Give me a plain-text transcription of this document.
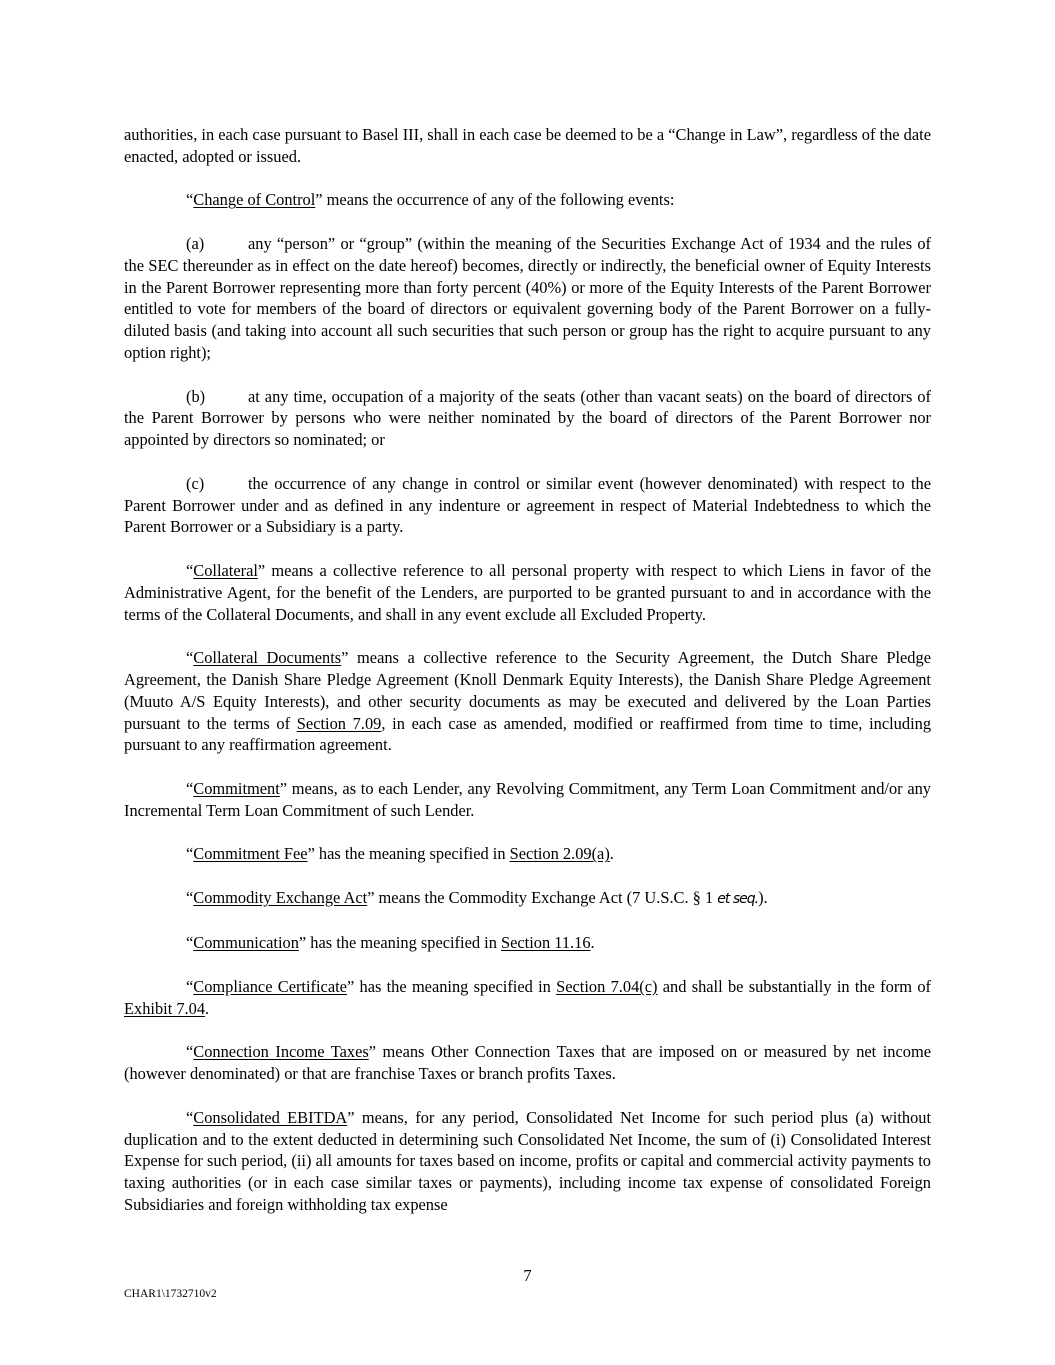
authorities, in each case pursuant to Basel III, shall in each case be deemed to be a “Change in Law”, regardless of the date enacted, adopted or issued.

“Change of Control” means the occurrence of any of the following events:

(a)	any “person” or “group” (within the meaning of the Securities Exchange Act of 1934 and the rules of the SEC thereunder as in effect on the date hereof) becomes, directly or indirectly, the beneficial owner of Equity Interests in the Parent Borrower representing more than forty percent (40%) or more of the Equity Interests of the Parent Borrower entitled to vote for members of the board of directors or equivalent governing body of the Parent Borrower on a fully-diluted basis (and taking into account all such securities that such person or group has the right to acquire pursuant to any option right);

(b)	at any time, occupation of a majority of the seats (other than vacant seats) on the board of directors of the Parent Borrower by persons who were neither nominated by the board of directors of the Parent Borrower nor appointed by directors so nominated; or

(c)	the occurrence of any change in control or similar event (however denominated) with respect to the Parent Borrower under and as defined in any indenture or agreement in respect of Material Indebtedness to which the Parent Borrower or a Subsidiary is a party.

“Collateral” means a collective reference to all personal property with respect to which Liens in favor of the Administrative Agent, for the benefit of the Lenders, are purported to be granted pursuant to and in accordance with the terms of the Collateral Documents, and shall in any event exclude all Excluded Property.

“Collateral Documents” means a collective reference to the Security Agreement, the Dutch Share Pledge Agreement, the Danish Share Pledge Agreement (Knoll Denmark Equity Interests), the Danish Share Pledge Agreement (Muuto A/S Equity Interests), and other security documents as may be executed and delivered by the Loan Parties pursuant to the terms of Section 7.09, in each case as amended, modified or reaffirmed from time to time, including pursuant to any reaffirmation agreement.

“Commitment” means, as to each Lender, any Revolving Commitment, any Term Loan Commitment and/or any Incremental Term Loan Commitment of such Lender.

“Commitment Fee” has the meaning specified in Section 2.09(a).

“Commodity Exchange Act” means the Commodity Exchange Act (7 U.S.C. § 1 et seq.).

“Communication” has the meaning specified in Section 11.16.

“Compliance Certificate” has the meaning specified in Section 7.04(c) and shall be substantially in the form of Exhibit 7.04.

“Connection Income Taxes” means Other Connection Taxes that are imposed on or measured by net income (however denominated) or that are franchise Taxes or branch profits Taxes.

“Consolidated EBITDA” means, for any period, Consolidated Net Income for such period plus (a) without duplication and to the extent deducted in determining such Consolidated Net Income, the sum of (i) Consolidated Interest Expense for such period, (ii) all amounts for taxes based on income, profits or capital and commercial activity payments to taxing authorities (or in each case similar taxes or payments), including income tax expense of consolidated Foreign Subsidiaries and foreign withholding tax expense

7
CHAR1\1732710v2
